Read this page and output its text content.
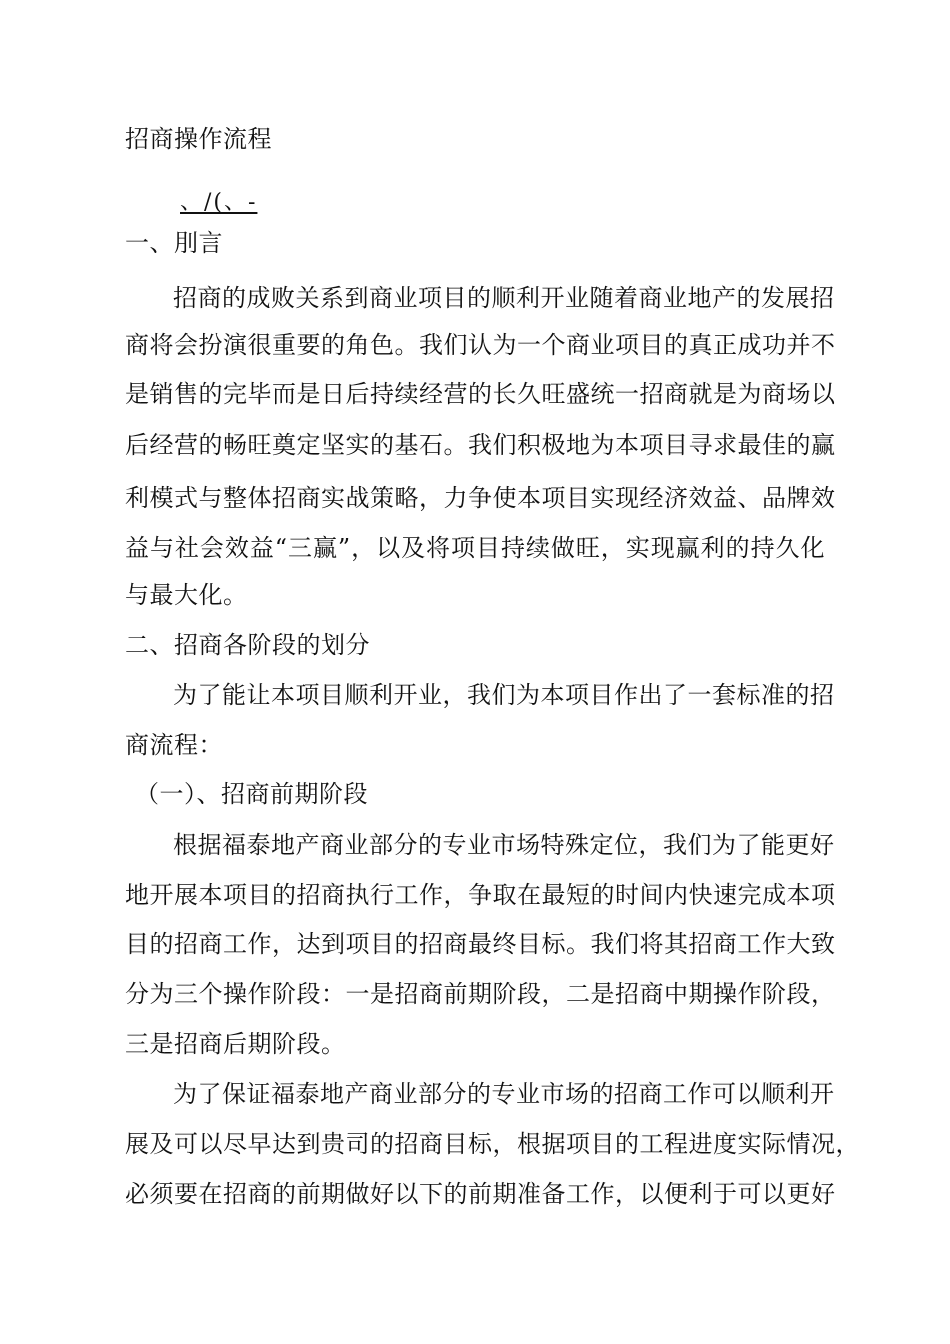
招商操作流程
、/(、-
一、刖言
招商的成败关系到商业项目的顺利开业随着商业地产的发展招
商将会扮演很重要的角色。我们认为一个商业项目的真正成功并不
是销售的完毕而是日后持续经营的长久旺盛统一招商就是为商场以
后经营的畅旺奠定坚实的基石。我们积极地为本项目寻求最佳的赢
利模式与整体招商实战策略，力争使本项目实现经济效益、品牌效
益与社会效益“三赢”，以及将项目持续做旺，实现赢利的持久化
与最大化。
二、招商各阶段的划分
为了能让本项目顺利开业，我们为本项目作出了一套标准的招
商流程：
（一）、招商前期阶段
根据福泰地产商业部分的专业市场特殊定位，我们为了能更好
地开展本项目的招商执行工作，争取在最短的时间内快速完成本项
目的招商工作，达到项目的招商最终目标。我们将其招商工作大致
分为三个操作阶段：一是招商前期阶段，二是招商中期操作阶段，
三是招商后期阶段。
为了保证福泰地产商业部分的专业市场的招商工作可以顺利开
展及可以尽早达到贵司的招商目标，根据项目的工程进度实际情况，
必须要在招商的前期做好以下的前期准备工作，以便利于可以更好
